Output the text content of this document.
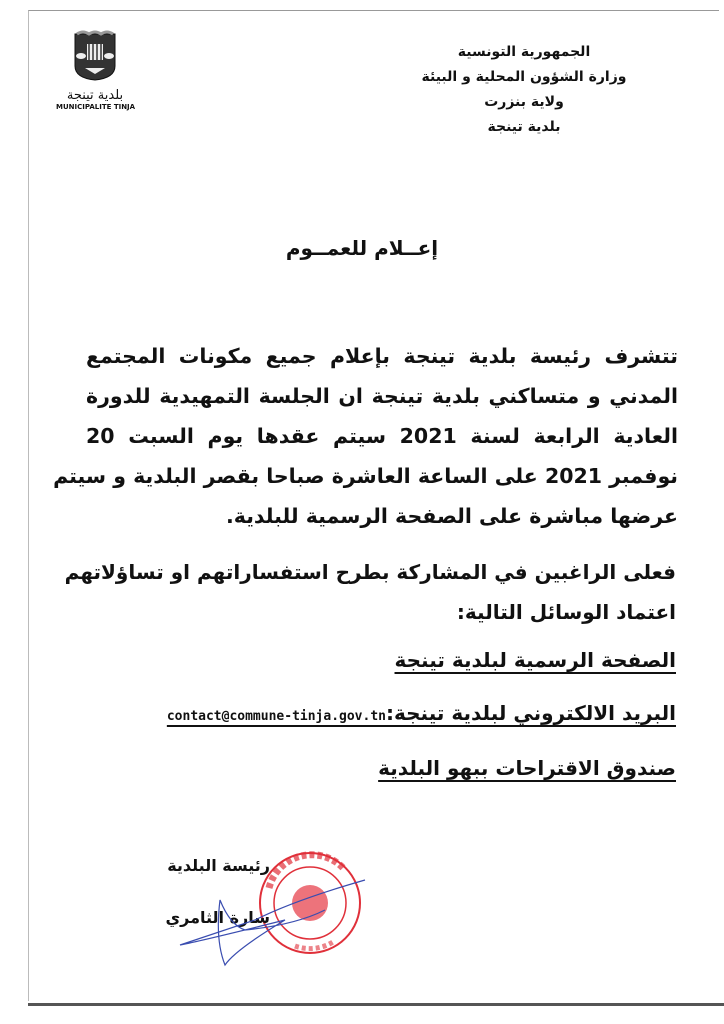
بلدية تينجة
MUNICIPALITE TINJA
الجمهورية التونسية
وزارة الشؤون المحلية و البيئة
ولاية بنزرت
بلدية تينجة
إعــلام للعمــوم
تتشرف رئيسة بلدية تينجة بإعلام جميع مكونات المجتمع
المدني و متساكني بلدية تينجة ان الجلسة التمهيدية للدورة
العادية الرابعة لسنة 2021 سيتم عقدها يوم السبت 20
نوفمبر 2021 على الساعة العاشرة صباحا بقصر البلدية و سيتم
عرضها مباشرة على الصفحة الرسمية للبلدية.
فعلى الراغبين في المشاركة بطرح استفساراتهم او تساؤلاتهم
اعتماد الوسائل التالية:
الصفحة الرسمية لبلدية تينجة
البريد الالكتروني لبلدية تينجة:contact@commune-tinja.gov.tn
صندوق الاقتراحات ببهو البلدية
رئيسة البلدية
سارة الثامري
